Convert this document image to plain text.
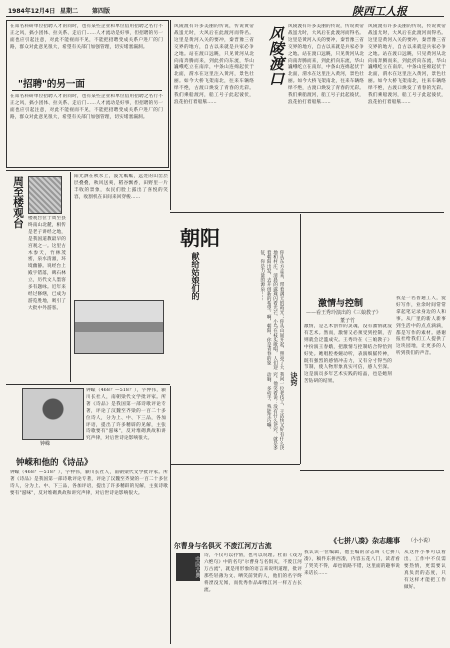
1984年12月4日 星期二 第四版	陕西工人报
在知名科研单位招聘人才的同时，也有某些企业和单位借用招聘之名行不正之风，搞小团体、拉关系、走后门……人才流动是好事，但招聘的另一面也应引起注意，对此不能视而不见，不能把招聘变成关系户进厂的门路，群众对此意见很大，希望有关部门加强管理，切实堵塞漏洞。
"招聘"的另一面
在知名科研单位招聘人才的同时，也有某些企业和单位借用招聘之名行不正之风，搞小团体、拉关系、走后门……人才流动是好事，但招聘的另一面也应引起注意，对此不能视而不见，不能把招聘变成关系户进厂的门路，群众对此意见很大，希望有关部门加强管理，切实堵塞漏洞。
风陵渡有许多美丽的传说，传说黄帝战蚩尤时，大风后在此渡河而得名。这里是黄河入关的要冲，秦晋豫三省交界的地方，自古以来就是兵家必争之地。站在渡口远眺，只见黄河从北向南奔腾而来，到此折向东流，华山巍峨屹立在南岸，中条山连绵起伏于北面，渭水在这里注入黄河，景色壮丽。如今大桥飞架南北，往来车辆络绎不绝，古渡口焕发了青春的光彩。我们乘船渡河，船工号子此起彼伏，浪花拍打着船舷……
风陵渡口 风陵渡有许多美丽的传说，传说黄帝战蚩尤时，大风后在此渡河而得名。这里是黄河入关的要冲，秦晋豫三省交界的地方，自古以来就是兵家必争之地。站在渡口远眺，只见黄河从北向南奔腾而来，到此折向东流，华山巍峨屹立在南岸，中条山连绵起伏于北面，渭水在这里注入黄河，景色壮丽。如今大桥飞架南北，往来车辆络绎不绝，古渡口焕发了青春的光彩。我们乘船渡河，船工号子此起彼伏，浪花拍打着船舷……
风陵渡有许多美丽的传说，传说黄帝战蚩尤时，大风后在此渡河而得名。这里是黄河入关的要冲，秦晋豫三省交界的地方，自古以来就是兵家必争之地。站在渡口远眺，只见黄河从北向南奔腾而来，到此折向东流，华山巍峨屹立在南岸，中条山连绵起伏于北面，渭水在这里注入黄河，景色壮丽。如今大桥飞架南北，往来车辆络绎不绝，古渡口焕发了青春的光彩。我们乘船渡河，船工号子此起彼伏，浪花拍打着船舷……
周至楼观台 楼观台位于周至县终南山北麓，相传是老子讲经之地，是我国道教最早的宫观之一。这里古木参天，竹林茂密，泉水清澈，环境幽静。说经台上殿宇错落，碑石林立，历代文人墨客多有题咏。近年来经过修缮，已成为游览胜地，吸引了大批中外游客。
阳光洒在秋水上，波光粼粼，远处的山峦层层叠叠，秋风送爽，稻谷飘香，田野里一片丰收的景象，农民们脸上露出了喜悦的笑容，收割机在田间来回穿梭……
朝阳
献给姑娘们的	你从东方走来，带着满天的霞光；你从山间升起，照亮了大地和村庄。清晨的露珠闪着光芒，小鸟在枝头歌唱，人们迎着朝阳出发，去开创新的希望。啊，朝阳，你是青春的象征，你是力量的源泉……
诀窍
我问一位老技工，干活快又好有什么诀窍。他笑着说：没有什么诀窍，就是多动脑、多动手，熟能生巧嘛。
激情与控制
——看王秀玲演出的《三娘教子》
董子竹
激情，是艺术创作的灵魂，没有激情就没有艺术。然而，激情又必须受到控制，否则就会泛滥成灾。王秀玲在《三娘教子》中扮演王春娥，把激情与控制结合得恰到好处。她唱腔委婉动听，表演细腻传神，既有强烈的感情冲击力，又有分寸得当的节制，使人物形象真实可信，感人至深。这是演员多年艺术实践的结晶，也是她刻苦钻研的结果。
我是一名普通工人，爱好写作，业余时间常常拿起笔记录身边的人和事。从厂里的新人新事到生活中的点点滴滴，都是写作的素材。感谢报社给我们工人提供了这块园地，让更多的人听到我们的声音。
钟嵘
钟嵘（468？—518？），字仲伟，颍川长社人，南朝梁代文学批评家。所著《诗品》是我国第一部诗歌评论专著，评论了汉魏至齐梁的一百二十多位诗人，分为上、中、下三品，各加评语，提出了许多精辟的见解，主张诗歌要有"滋味"，反对堆砌典故和讲究声律，对后世诗论影响很大。
钟嵘和他的《诗品》
钟嵘（468？—518？），字仲伟，颍川长社人，南朝梁代文学批评家。所著《诗品》是我国第一部诗歌评论专著，评论了汉魏至齐梁的一百二十多位诗人，分为上、中、下三品，各加评语，提出了许多精辟的见解，主张诗歌要有"滋味"，反对堆砌典故和讲究声律，对后世诗论影响很大。
尔曹身与名俱灭 不废江河万古流
中国古典
诗，不仅可以抒情，也可以说理。杜甫《戏为六绝句》中的名句"尔曹身与名俱灭，不废江河万古流"，就是用形象的语言来说明道理，批评那些轻薄为文、哂笑前贤的人，他们的名字终将湮没无闻，而优秀作品却像江河一样万古长流。
《七拼八凑》杂志趣事 （小小说）
我认识一位编辑，他主编的杂志叫《七拼八凑》，稿件东拼西凑，内容五花八门，读者看了哭笑不得，却也销路不错，这里面的趣事说来话长……
从这件小事可以看出，工作中不仅需要热情，更需要认真负责的态度，只有这样才能把工作做好。
